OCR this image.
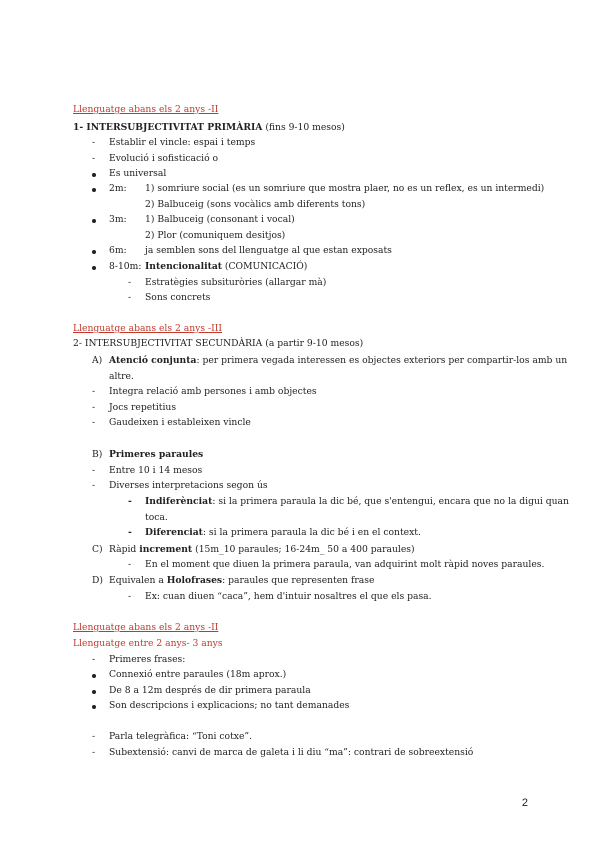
Llenguatge abans els 2 anys -II
1- INTERSUBJECTIVITAT PRIMÀRIA (fins 9-10 mesos)
- Establir el vincle: espai i temps
- Evolució i sofisticació o
Es universal
2m: 1) somriure social (es un somriure que mostra plaer, no es un reflex, es un intermedi)
2) Balbuceig (sons vocàlics amb diferents tons)
3m: 1) Balbuceig (consonant i vocal)
2) Plor (comuniquem desitjos)
6m: ja semblen sons del llenguatge al que estan exposats
8-10m: Intencionalitat (COMUNICACIÓ)
- Estratègies subsituròries (allargar mà)
- Sons concrets
Llenguatge abans els 2 anys -III
2- INTERSUBJECTIVITAT SECUNDÀRIA (a partir 9-10 mesos)
A) Atenció conjunta: per primera vegada interessen es objectes exteriors per compartir-los amb un
altre.
- Integra relació amb persones i amb objectes
- Jocs repetitius
- Gaudeixen i estableixen vincle
B) Primeres paraules
- Entre 10 i 14 mesos
- Diverses interpretacions segon ús
- Indiferènciat: si la primera paraula la dic bé, que s'entengui, encara que no la digui quan
toca.
- Diferenciat: si la primera paraula la dic bé i en el context.
C) Ràpid increment (15m_10 paraules; 16-24m_ 50 a 400 paraules)
- En el moment que diuen la primera paraula, van adquirint molt ràpid noves paraules.
D) Equivalen a Holofrases: paraules que representen frase
- Ex: cuan diuen “caca”, hem d'intuir nosaltres el que els pasa.
Llenguatge abans els 2 anys -II
Llenguatge entre 2 anys- 3 anys
- Primeres frases:
Connexió entre paraules (18m aprox.)
De 8 a 12m després de dir primera paraula
Son descripcions i explicacions; no tant demanades
- Parla telegràfica: “Toni cotxe”.
- Subextensió: canvi de marca de galeta i li diu “ma”: contrari de sobreextensió
2
